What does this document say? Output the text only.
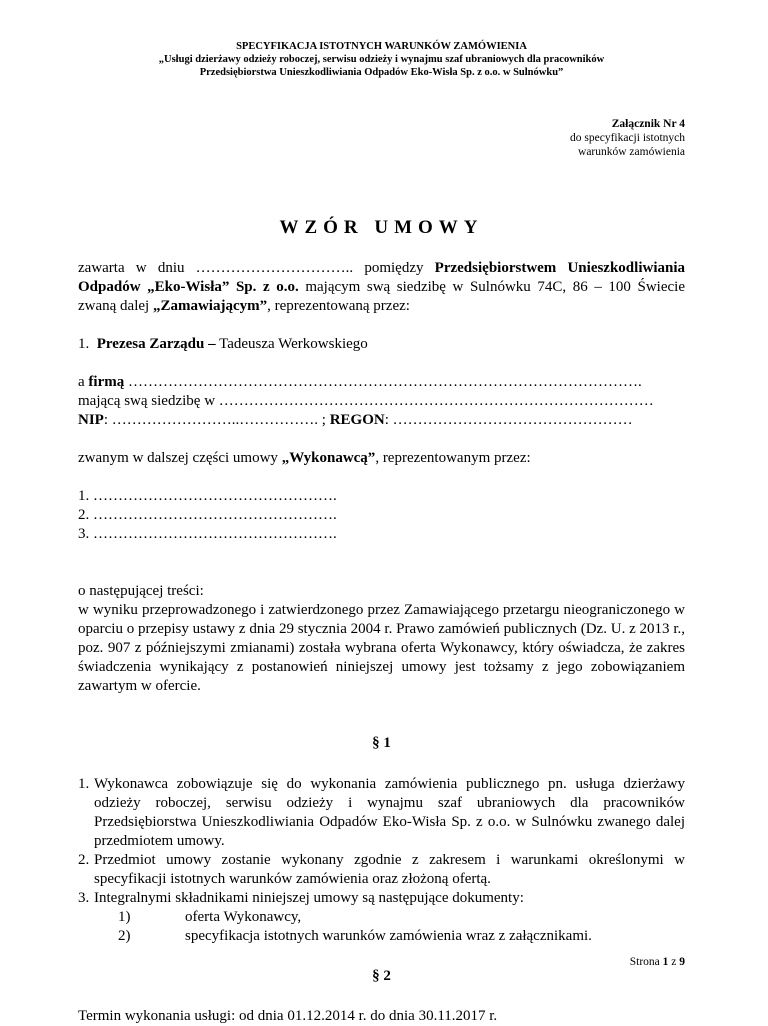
SPECYFIKACJA ISTOTNYCH WARUNKÓW ZAMÓWIENIA
„Usługi dzierżawy odzieży roboczej, serwisu odzieży i wynajmu szaf ubraniowych dla pracowników
Przedsiębiorstwa Unieszkodliwiania Odpadów Eko-Wisła Sp. z o.o. w Sulnówku”
Załącznik Nr 4
do specyfikacji istotnych
warunków zamówienia
WZÓR UMOWY

zawarta w dniu ………………………….. pomiędzy Przedsiębiorstwem Unieszkodliwiania Odpadów „Eko-Wisła” Sp. z o.o. mającym swą siedzibę w Sulnówku 74C, 86 – 100 Świecie zwaną dalej „Zamawiającym”, reprezentowaną przez:

1. Prezesa Zarządu – Tadeusza Werkowskiego

a firmą ………………………………………………………………………………………….
mającą swą siedzibę w ……………………………………………………………………………
NIP: ……………………..……………. ; REGON: …………………………………………

zwanym w dalszej części umowy „Wykonawcą”, reprezentowanym przez:

1. ………………………………………….
2. ………………………………………….
3. ………………………………………….
o następującej treści:

w wyniku przeprowadzonego i zatwierdzonego przez Zamawiającego przetargu nieograniczonego w oparciu o przepisy ustawy z dnia 29 stycznia 2004 r. Prawo zamówień publicznych (Dz. U. z 2013 r., poz. 907 z późniejszymi zmianami) została wybrana oferta Wykonawcy, który oświadcza, że zakres świadczenia wynikający z postanowień niniejszej umowy jest tożsamy z jego zobowiązaniem zawartym w ofercie.

§ 1
1. Wykonawca zobowiązuje się do wykonania zamówienia publicznego pn. usługa dzierżawy odzieży roboczej, serwisu odzieży i wynajmu szaf ubraniowych dla pracowników Przedsiębiorstwa Unieszkodliwiania Odpadów Eko-Wisła Sp. z o.o. w Sulnówku zwanego dalej przedmiotem umowy.
2. Przedmiot umowy zostanie wykonany zgodnie z zakresem i warunkami określonymi w specyfikacji istotnych warunków zamówienia oraz złożoną ofertą.
3. Integralnymi składnikami niniejszej umowy są następujące dokumenty:
1)	oferta Wykonawcy,
2)	specyfikacja istotnych warunków zamówienia wraz z załącznikami.
§ 2

Termin wykonania usługi: od dnia 01.12.2014 r. do dnia 30.11.2017 r.

Strona 1 z 9
